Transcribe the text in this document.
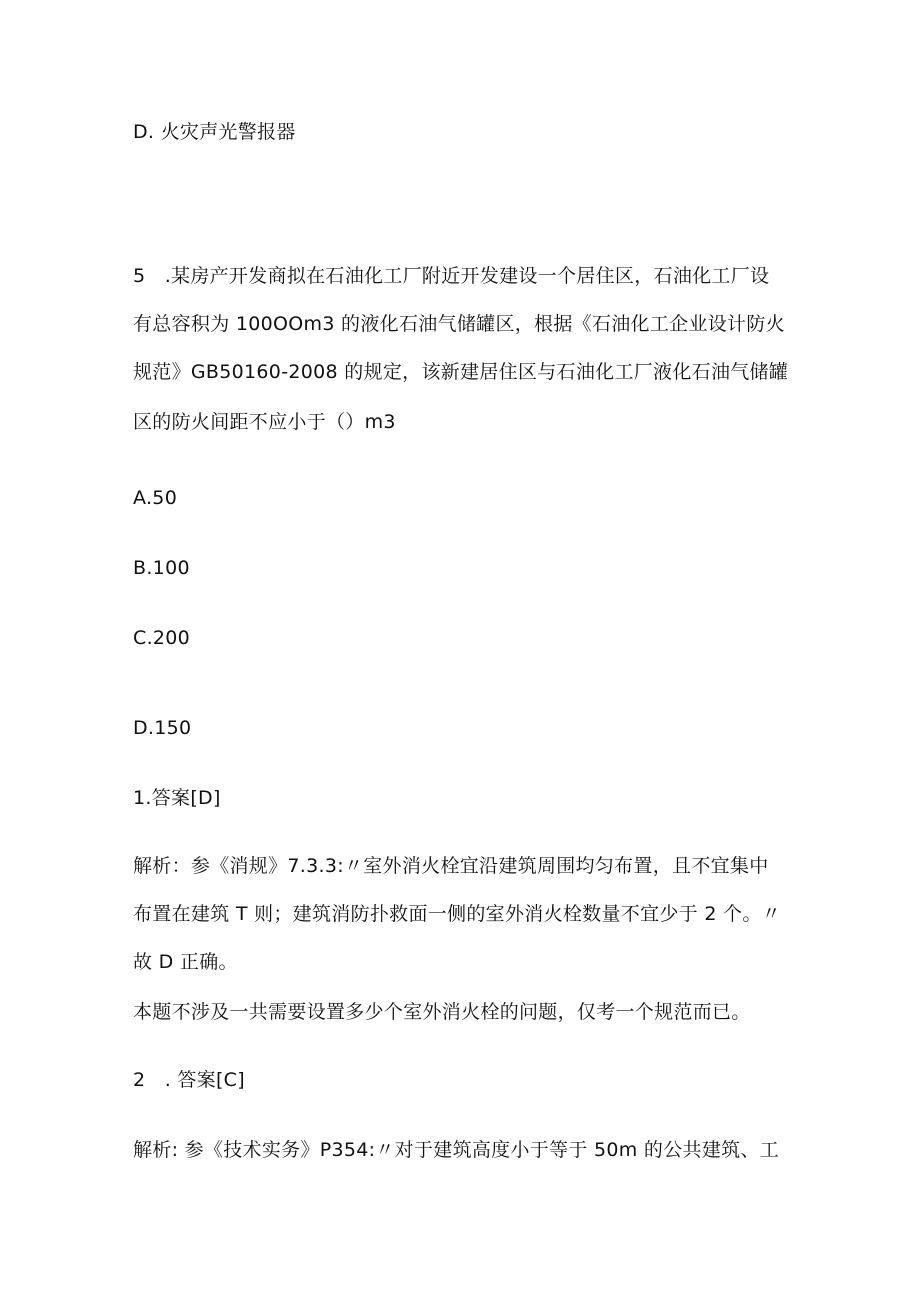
D. 火灾声光警报器
5　.某房产开发商拟在石油化工厂附近开发建设一个居住区，石油化工厂设
有总容积为 100OOm3 的液化石油气储罐区，根据《石油化工企业设计防火
规范》GB50160-2008 的规定，该新建居住区与石油化工厂液化石油气储罐
区的防火间距不应小于（）m3
A.50
B.100
C.200
D.150
1.答案[D]
解析：参《消规》7.3.3:〃室外消火栓宜沿建筑周围均匀布置，且不宜集中
布置在建筑 T 则；建筑消防扑救面一侧的室外消火栓数量不宜少于 2 个。〃
故 D 正确。
本题不涉及一共需要设置多少个室外消火栓的问题，仅考一个规范而已。
2　. 答案[C]
解析: 参《技术实务》P354:〃对于建筑高度小于等于 50m 的公共建筑、工
